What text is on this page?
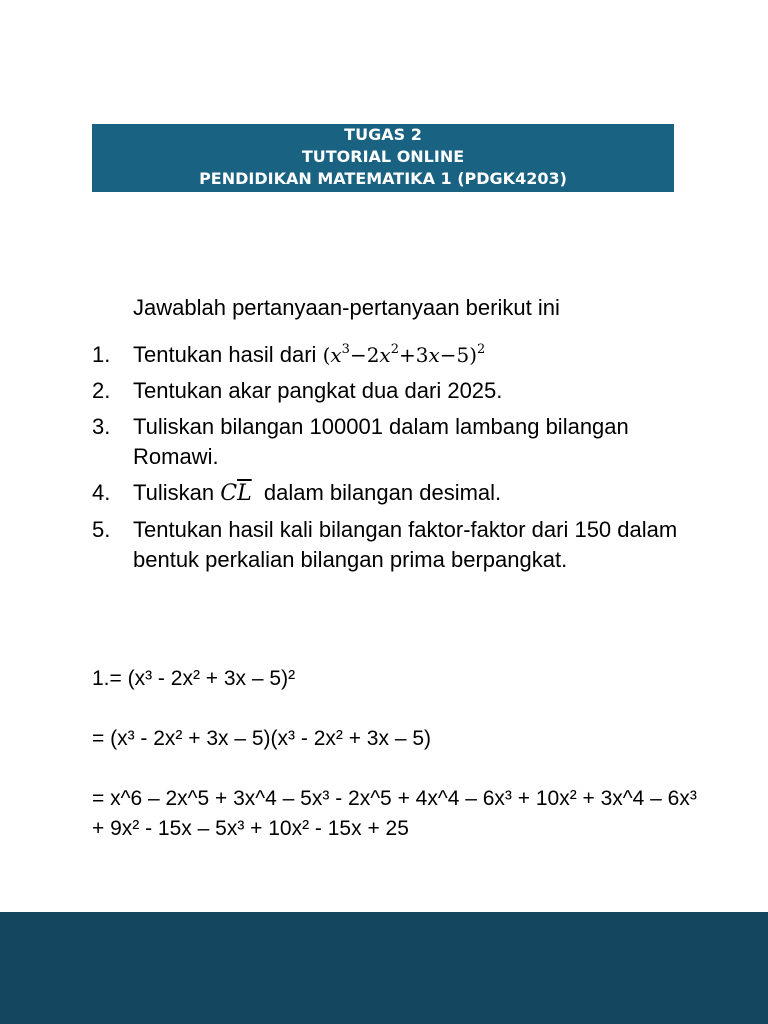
TUGAS 2
TUTORIAL ONLINE
PENDIDIKAN MATEMATIKA 1 (PDGK4203)
Jawablah pertanyaan-pertanyaan berikut ini
1.	Tentukan hasil dari $(x^3-2x^2+3x-5)^2$
2.	Tentukan akar pangkat dua dari 2025.
3.	Tuliskan bilangan 100001 dalam lambang bilangan Romawi.
4.	Tuliskan $C\overline{L}$  dalam bilangan desimal.
5.	Tentukan hasil kali bilangan faktor-faktor dari 150 dalam bentuk perkalian bilangan prima berpangkat.
1.= (x³ - 2x² + 3x – 5)²
= (x³ - 2x² + 3x – 5)(x³ - 2x² + 3x – 5)
= x^6 – 2x^5 + 3x^4 – 5x³ - 2x^5 + 4x^4 – 6x³ + 10x² + 3x^4 – 6x³ + 9x² - 15x – 5x³ + 10x² - 15x + 25
